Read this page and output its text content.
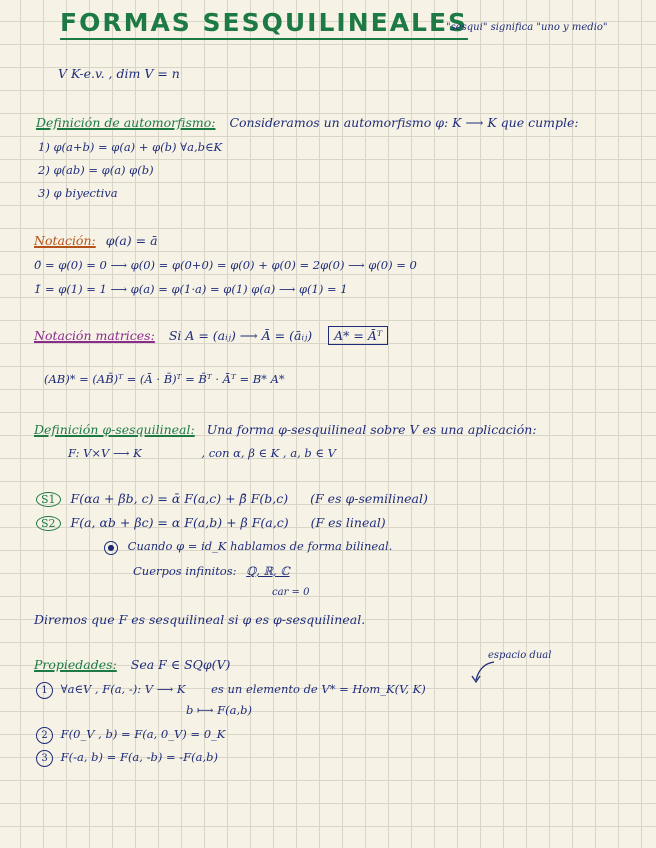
FORMAS SESQUILINEALES
"sesqui" significa "uno y medio"
V K-e.v. , dim V = n
Definición de automorfismo: Consideramos un automorfismo φ: K ⟶ K que cumple:
1) φ(a+b) = φ(a) + φ(b) ∀a,b∈K
2) φ(ab) = φ(a) φ(b)
3) φ biyectiva
Notación: φ(a) = ā
0̄ = φ(0) = 0 ⟶ φ(0) = φ(0+0) = φ(0) + φ(0) = 2φ(0) ⟶ φ(0) = 0
1̄ = φ(1) = 1 ⟶ φ(a) = φ(1·a) = φ(1) φ(a) ⟶ φ(1) = 1
Notación matrices: Si A = (aᵢⱼ) ⟶ Ā = (āᵢⱼ) A* = Āᵀ
(AB)* = (AB̄)ᵀ = (Ā · B̄)ᵀ = B̄ᵀ · Āᵀ = B* A*
Definición φ-sesquilineal: Una forma φ-sesquilineal sobre V es una aplicación:
F: V×V ⟶ K	, con α, β ∈ K , a, b ∈ V
S1 F(αa + βb, c) = ᾱ F(a,c) + β̄ F(b,c) (F es φ-semilineal)
S2 F(a, αb + βc) = α F(a,b) + β F(a,c) (F es lineal)
● Cuando φ = id_K hablamos de forma bilineal.
Cuerpos infinitos: ℚ, ℝ, ℂ
car = 0
Diremos que F es sesquilineal si φ es φ-sesquilineal.
espacio dual
Propiedades: Sea F ∈ SQφ(V)
1 ∀a∈V , F(a, -): V ⟶ K es un elemento de V* = Hom_K(V, K)
b ⟼ F(a,b)
2 F(0_V , b) = F(a, 0_V) = 0_K
3 F(-a, b) = F(a, -b) = -F(a,b)
